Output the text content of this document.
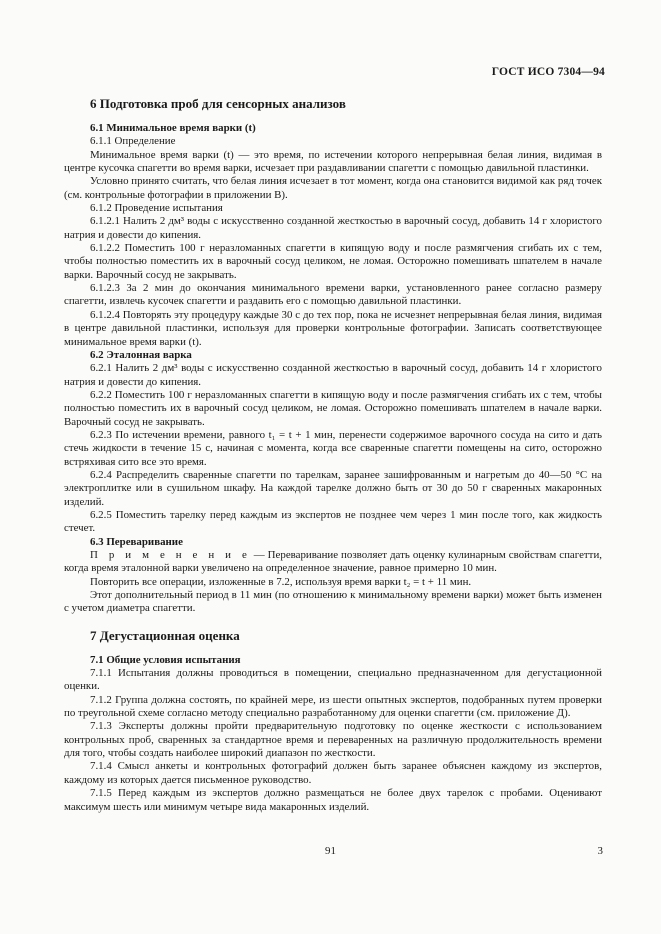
ГОСТ ИСО 7304—94
6 Подготовка проб для сенсорных анализов
6.1 Минимальное время варки (t)

6.1.1 Определение

Минимальное время варки (t) — это время, по истечении которого непрерывная белая линия, видимая в центре кусочка спагетти во время варки, исчезает при раздавливании спагетти с помощью давильной пластинки.

Условно принято считать, что белая линия исчезает в тот момент, когда она становится видимой как ряд точек (см. контрольные фотографии в приложении В).

6.1.2 Проведение испытания

6.1.2.1 Налить 2 дм³ воды с искусственно созданной жесткостью в варочный сосуд, добавить 14 г хлористого натрия и довести до кипения.

6.1.2.2 Поместить 100 г неразломанных спагетти в кипящую воду и после размягчения сгибать их с тем, чтобы полностью поместить их в варочный сосуд целиком, не ломая. Осторожно помешивать шпателем в начале варки. Варочный сосуд не закрывать.

6.1.2.3 За 2 мин до окончания минимального времени варки, установленного ранее согласно размеру спагетти, извлечь кусочек спагетти и раздавить его с помощью давильной пластинки.

6.1.2.4 Повторять эту процедуру каждые 30 с до тех пор, пока не исчезнет непрерывная белая линия, видимая в центре давильной пластинки, используя для проверки контрольные фотографии. Записать соответствующее минимальное время варки (t).

6.2 Эталонная варка

6.2.1 Налить 2 дм³ воды с искусственно созданной жесткостью в варочный сосуд, добавить 14 г хлористого натрия и довести до кипения.

6.2.2 Поместить 100 г неразломанных спагетти в кипящую воду и после размягчения сгибать их с тем, чтобы полностью поместить их в варочный сосуд целиком, не ломая. Осторожно помешивать шпателем в начале варки. Варочный сосуд не закрывать.

6.2.3 По истечении времени, равного t₁ = t + 1 мин, перенести содержимое варочного сосуда на сито и дать стечь жидкости в течение 15 с, начиная с момента, когда все сваренные спагетти помещены на сито, осторожно встряхивая сито все это время.

6.2.4 Распределить сваренные спагетти по тарелкам, заранее зашифрованным и нагретым до 40—50 °С на электроплитке или в сушильном шкафу. На каждой тарелке должно быть от 30 до 50 г сваренных макаронных изделий.

6.2.5 Поместить тарелку перед каждым из экспертов не позднее чем через 1 мин после того, как жидкость стечет.

6.3 Переваривание

П р и м е н е н и е — Переваривание позволяет дать оценку кулинарным свойствам спагетти, когда время эталонной варки увеличено на определенное значение, равное примерно 10 мин.

Повторить все операции, изложенные в 7.2, используя время варки t₂ = t + 11 мин.

Этот дополнительный период в 11 мин (по отношению к минимальному времени варки) может быть изменен с учетом диаметра спагетти.

7 Дегустационная оценка
7.1 Общие условия испытания

7.1.1 Испытания должны проводиться в помещении, специально предназначенном для дегустационной оценки.

7.1.2 Группа должна состоять, по крайней мере, из шести опытных экспертов, подобранных путем проверки по треугольной схеме согласно методу специально разработанному для оценки спагетти (см. приложение Д).

7.1.3 Эксперты должны пройти предварительную подготовку по оценке жесткости с использованием контрольных проб, сваренных за стандартное время и переваренных на различную продолжительность времени для того, чтобы создать наиболее широкий диапазон по жесткости.

7.1.4 Смысл анкеты и контрольных фотографий должен быть заранее объяснен каждому из экспертов, каждому из которых дается письменное руководство.

7.1.5 Перед каждым из экспертов должно размещаться не более двух тарелок с пробами. Оценивают максимум шесть или минимум четыре вида макаронных изделий.

91	3
